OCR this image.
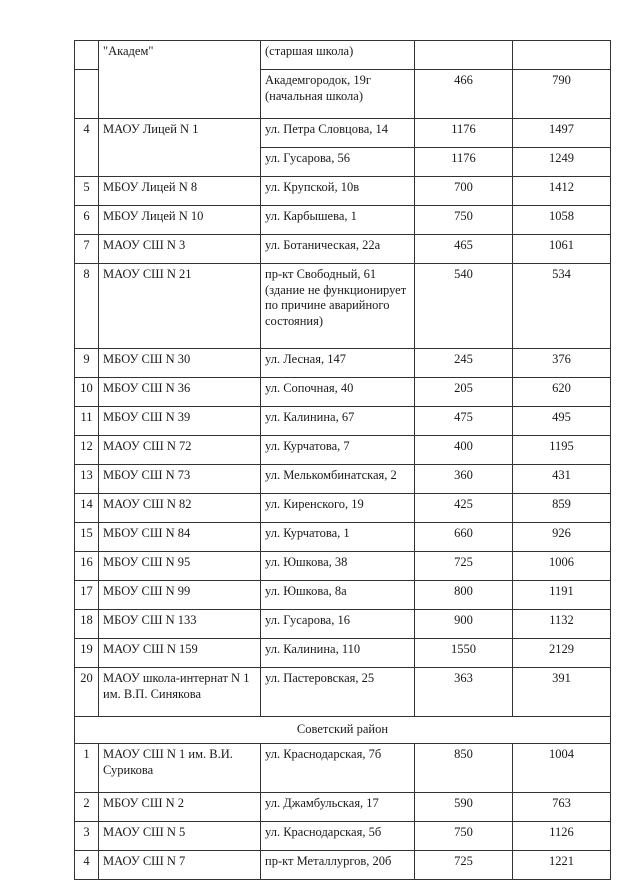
	"Академ"	(старшая школа)		
		Академгородок, 19г (начальная школа)	466	790
4	МАОУ Лицей N 1	ул. Петра Словцова, 14	1176	1497
		ул. Гусарова, 56	1176	1249
5	МБОУ Лицей N 8	ул. Крупской, 10в	700	1412
6	МБОУ Лицей N 10	ул. Карбышева, 1	750	1058
7	МАОУ СШ N 3	ул. Ботаническая, 22а	465	1061
8	МАОУ СШ N 21	пр-кт Свободный, 61 (здание не функционирует по причине аварийного состояния)	540	534
9	МБОУ СШ N 30	ул. Лесная, 147	245	376
10	МБОУ СШ N 36	ул. Сопочная, 40	205	620
11	МБОУ СШ N 39	ул. Калинина, 67	475	495
12	МАОУ СШ N 72	ул. Курчатова, 7	400	1195
13	МБОУ СШ N 73	ул. Мелькомбинатская, 2	360	431
14	МАОУ СШ N 82	ул. Киренского, 19	425	859
15	МБОУ СШ N 84	ул. Курчатова, 1	660	926
16	МБОУ СШ N 95	ул. Юшкова, 38	725	1006
17	МБОУ СШ N 99	ул. Юшкова, 8а	800	1191
18	МБОУ СШ N 133	ул. Гусарова, 16	900	1132
19	МАОУ СШ N 159	ул. Калинина, 110	1550	2129
20	МАОУ школа-интернат N 1 им. В.П. Синякова	ул. Пастеровская, 25	363	391
Советский район				
1	МАОУ СШ N 1 им. В.И. Сурикова	ул. Краснодарская, 7б	850	1004
2	МБОУ СШ N 2	ул. Джамбульская, 17	590	763
3	МАОУ СШ N 5	ул. Краснодарская, 5б	750	1126
4	МАОУ СШ N 7	пр-кт Металлургов, 20б	725	1221
